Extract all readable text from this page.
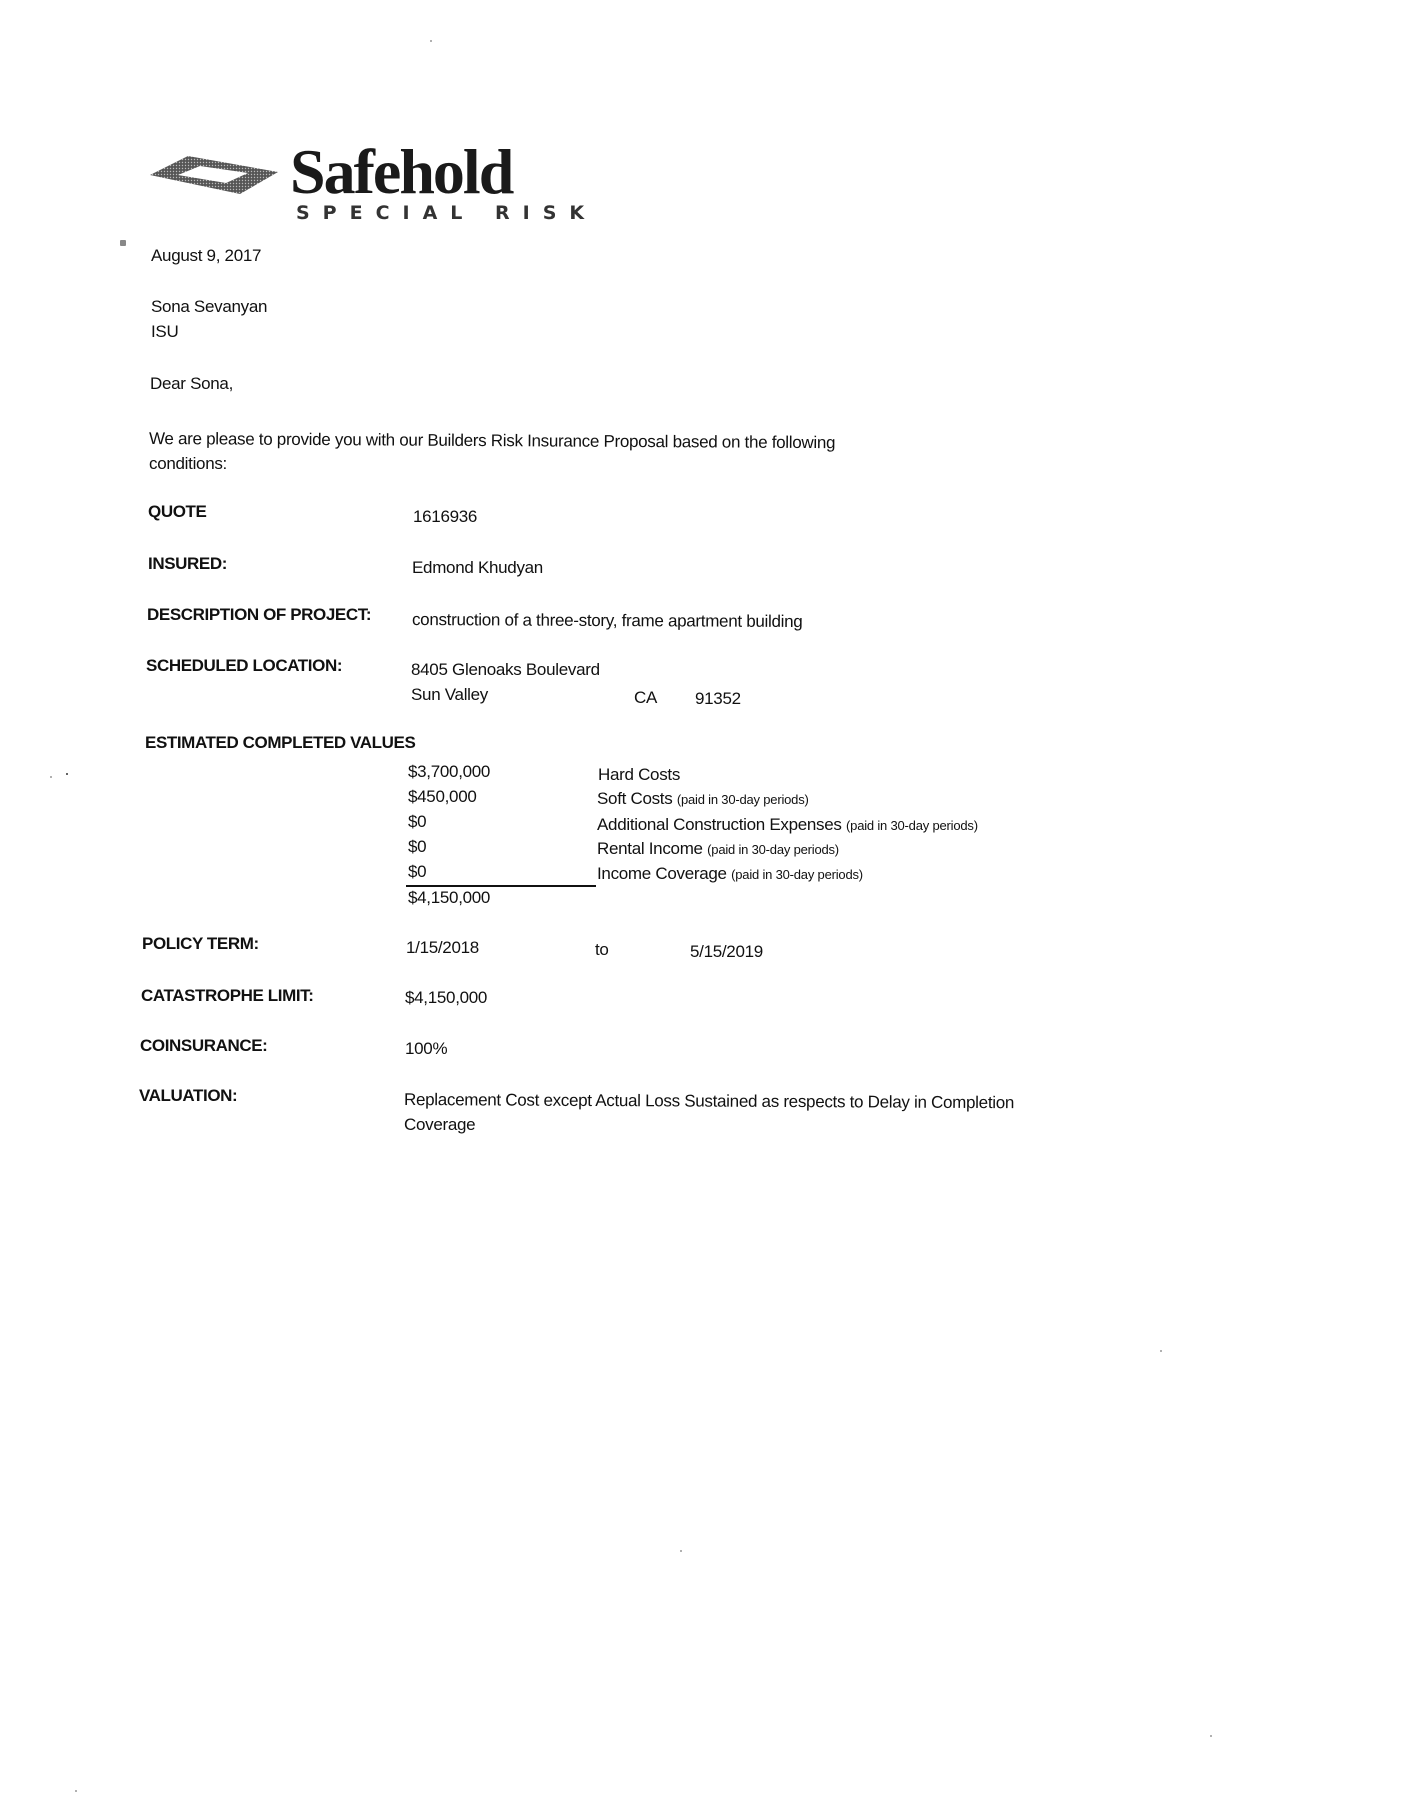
Safehold
SPECIAL RISK
August 9, 2017
Sona Sevanyan
ISU
Dear Sona,
We are please to provide you with our Builders Risk Insurance Proposal based on the following
conditions:
QUOTE	1616936
INSURED:	Edmond Khudyan
DESCRIPTION OF PROJECT: construction of a three-story, frame apartment building
SCHEDULED LOCATION:	8405 Glenoaks Boulevard
Sun Valley	CA 91352
ESTIMATED COMPLETED VALUES
$3,700,000	Hard Costs
$450,000	Soft Costs (paid in 30-day periods)
$0	Additional Construction Expenses (paid in 30-day periods)
$0	Rental Income (paid in 30-day periods)
$0	Income Coverage (paid in 30-day periods)
$4,150,000
POLICY TERM:	1/15/2018	to	5/15/2019
CATASTROPHE LIMIT:	$4,150,000
COINSURANCE:	100%
VALUATION:	Replacement Cost except Actual Loss Sustained as respects to Delay in Completion
Coverage
